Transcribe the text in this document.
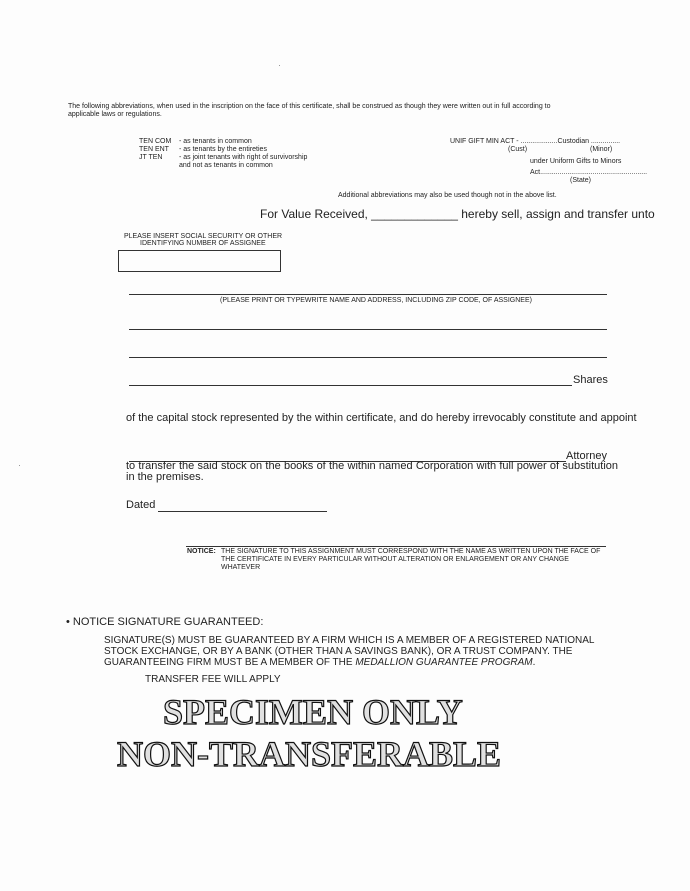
·

The following abbreviations, when used in the inscription on the face of this certificate, shall be construed as though they were written out in full according to applicable laws or regulations.

TEN COM	- as tenants in common
TEN ENT	- as tenants by the entireties
JT TEN	- as joint tenants with right of survivorship and not as tenants in common
UNIF GIFT MIN ACT - ...................Custodian ...............
(Cust)	(Minor)
under Uniform Gifts to Minors
Act.......................................................
(State)

Additional abbreviations may also be used though not in the above list.

For Value Received, _____________ hereby sell, assign and transfer unto

PLEASE INSERT SOCIAL SECURITY OR OTHER

IDENTIFYING NUMBER OF ASSIGNEE

(PLEASE PRINT OR TYPEWRITE NAME AND ADDRESS, INCLUDING ZIP CODE, OF ASSIGNEE)

Shares

of the capital stock represented by the within certificate, and do hereby irrevocably constitute and appoint

Attorney

to transfer the said stock on the books of the within named Corporation with full power of substitution in the premises.

Dated

NOTICE: THE SIGNATURE TO THIS ASSIGNMENT MUST CORRESPOND WITH THE NAME AS WRITTEN UPON THE FACE OF THE CERTIFICATE IN EVERY PARTICULAR WITHOUT ALTERATION OR ENLARGEMENT OR ANY CHANGE WHATEVER

·

• NOTICE SIGNATURE GUARANTEED:

SIGNATURE(S) MUST BE GUARANTEED BY A FIRM WHICH IS A MEMBER OF A REGISTERED NATIONAL STOCK EXCHANGE, OR BY A BANK (OTHER THAN A SAVINGS BANK), OR A TRUST COMPANY. THE GUARANTEEING FIRM MUST BE A MEMBER OF THE MEDALLION GUARANTEE PROGRAM.

TRANSFER FEE WILL APPLY

SPECIMEN ONLY
NON-TRANSFERABLE
